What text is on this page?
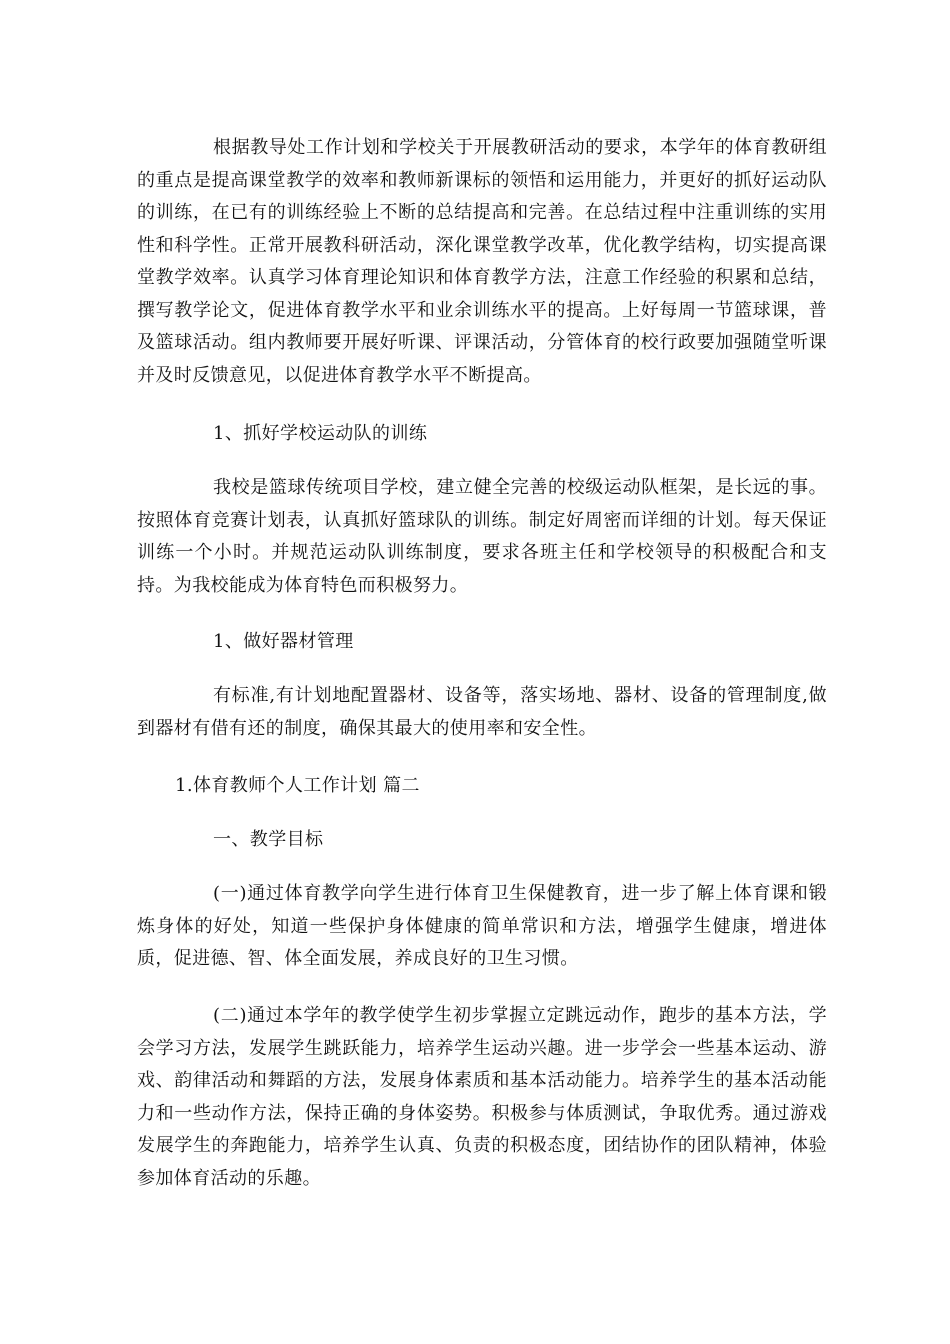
根据教导处工作计划和学校关于开展教研活动的要求，本学年的体育教研组的重点是提高课堂教学的效率和教师新课标的领悟和运用能力，并更好的抓好运动队的训练，在已有的训练经验上不断的总结提高和完善。在总结过程中注重训练的实用性和科学性。正常开展教科研活动，深化课堂教学改革，优化教学结构，切实提高课堂教学效率。认真学习体育理论知识和体育教学方法，注意工作经验的积累和总结，撰写教学论文，促进体育教学水平和业余训练水平的提高。上好每周一节篮球课，普及篮球活动。组内教师要开展好听课、评课活动，分管体育的校行政要加强随堂听课并及时反馈意见，以促进体育教学水平不断提高。

1、抓好学校运动队的训练

我校是篮球传统项目学校，建立健全完善的校级运动队框架，是长远的事。按照体育竞赛计划表，认真抓好篮球队的训练。制定好周密而详细的计划。每天保证训练一个小时。并规范运动队训练制度，要求各班主任和学校领导的积极配合和支持。为我校能成为体育特色而积极努力。

1、做好器材管理

有标准,有计划地配置器材、设备等，落实场地、器材、设备的管理制度,做到器材有借有还的制度，确保其最大的使用率和安全性。

1.体育教师个人工作计划 篇二

一、教学目标

(一)通过体育教学向学生进行体育卫生保健教育，进一步了解上体育课和锻炼身体的好处，知道一些保护身体健康的简单常识和方法，增强学生健康，增进体质，促进德、智、体全面发展，养成良好的卫生习惯。

(二)通过本学年的教学使学生初步掌握立定跳远动作，跑步的基本方法，学会学习方法，发展学生跳跃能力，培养学生运动兴趣。进一步学会一些基本运动、游戏、韵律活动和舞蹈的方法，发展身体素质和基本活动能力。培养学生的基本活动能力和一些动作方法，保持正确的身体姿势。积极参与体质测试，争取优秀。通过游戏发展学生的奔跑能力，培养学生认真、负责的积极态度，团结协作的团队精神，体验参加体育活动的乐趣。
